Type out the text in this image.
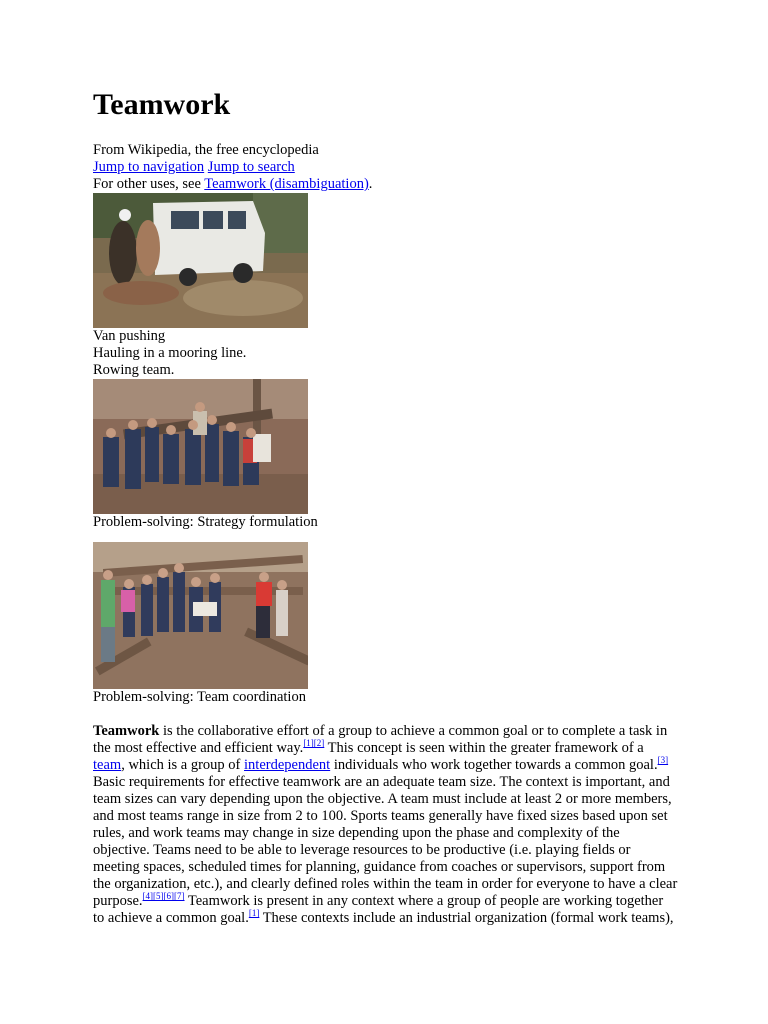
Teamwork
From Wikipedia, the free encyclopedia
Jump to navigation Jump to search
For other uses, see Teamwork (disambiguation).
Van pushing
Hauling in a mooring line.
Rowing team.
Problem-solving: Strategy formulation
Problem-solving: Team coordination

Teamwork is the collaborative effort of a group to achieve a common goal or to complete a task in the most effective and efficient way.[1][2] This concept is seen within the greater framework of a team, which is a group of interdependent individuals who work together towards a common goal.[3] Basic requirements for effective teamwork are an adequate team size. The context is important, and team sizes can vary depending upon the objective. A team must include at least 2 or more members, and most teams range in size from 2 to 100. Sports teams generally have fixed sizes based upon set rules, and work teams may change in size depending upon the phase and complexity of the objective. Teams need to be able to leverage resources to be productive (i.e. playing fields or meeting spaces, scheduled times for planning, guidance from coaches or supervisors, support from the organization, etc.), and clearly defined roles within the team in order for everyone to have a clear purpose.[4][5][6][7] Teamwork is present in any context where a group of people are working together to achieve a common goal.[1] These contexts include an industrial organization (formal work teams),
